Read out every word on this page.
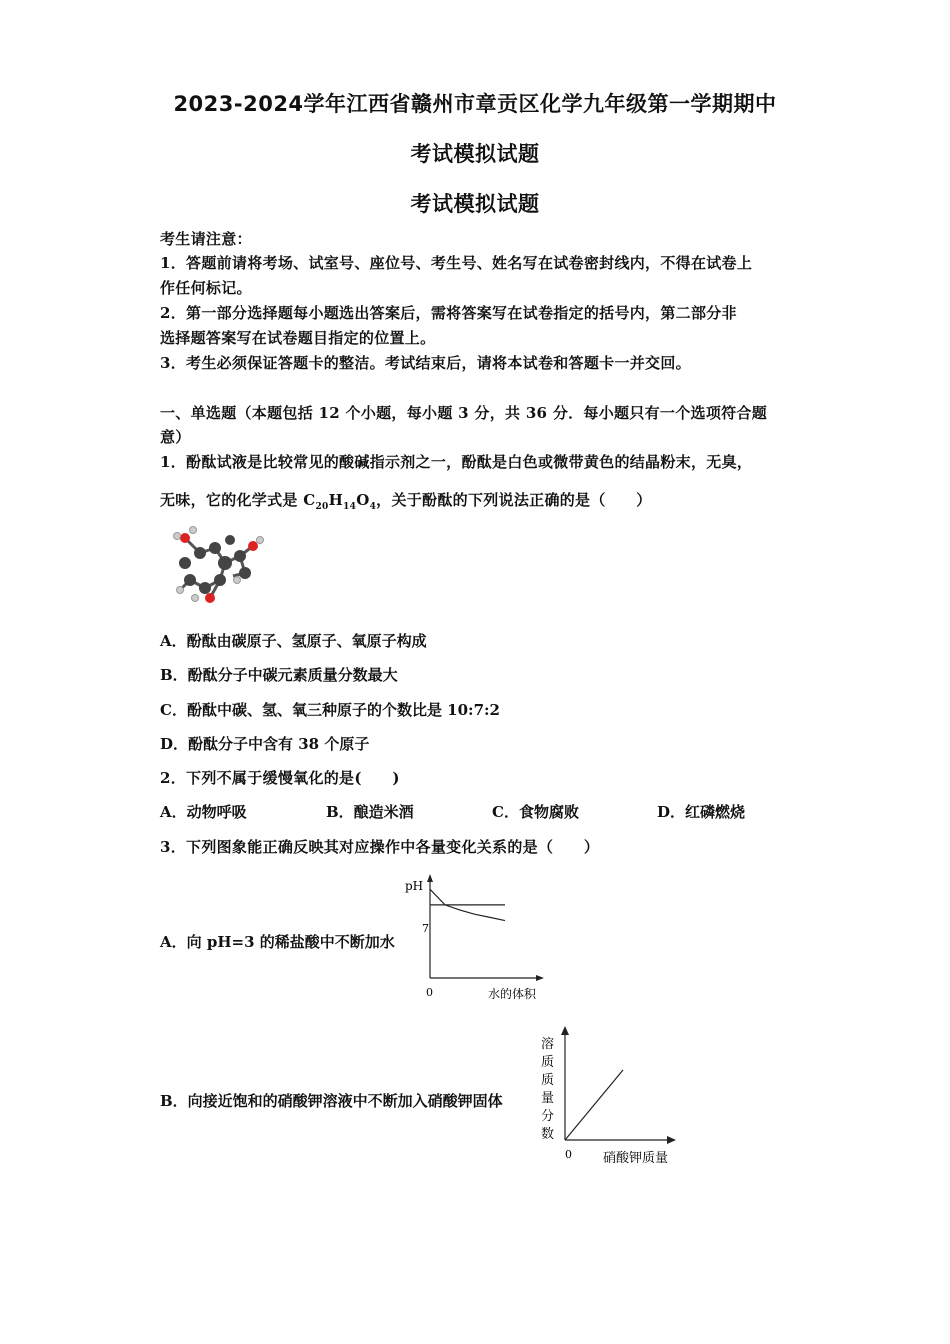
2023-2024学年江西省赣州市章贡区化学九年级第一学期期中
考试模拟试题
考试模拟试题
考生请注意：
1．答题前请将考场、试室号、座位号、考生号、姓名写在试卷密封线内，不得在试卷上
作任何标记。
2．第一部分选择题每小题选出答案后，需将答案写在试卷指定的括号内，第二部分非
选择题答案写在试卷题目指定的位置上。
3．考生必须保证答题卡的整洁。考试结束后，请将本试卷和答题卡一并交回。
一、单选题（本题包括 12 个小题，每小题 3 分，共 36 分．每小题只有一个选项符合题
意）
1．酚酞试液是比较常见的酸碱指示剂之一，酚酞是白色或微带黄色的结晶粉末，无臭，
无味，它的化学式是 $C_{20}H_{14}O_4$，关于酚酞的下列说法正确的是（　　）
A．酚酞由碳原子、氢原子、氧原子构成
B．酚酞分子中碳元素质量分数最大
C．酚酞中碳、氢、氧三种原子的个数比是 10:7:2
D．酚酞分子中含有 38 个原子
2．下列不属于缓慢氧化的是(　　)
A．动物呼吸	B．酿造米酒	C．食物腐败	D．红磷燃烧
3．下列图象能正确反映其对应操作中各量变化关系的是（　　）
A．向 pH=3 的稀盐酸中不断加水
pH
7
0	水的体积
B．向接近饱和的硝酸钾溶液中不断加入硝酸钾固体
溶
质
质
量
分
数
0 硝酸钾质量
